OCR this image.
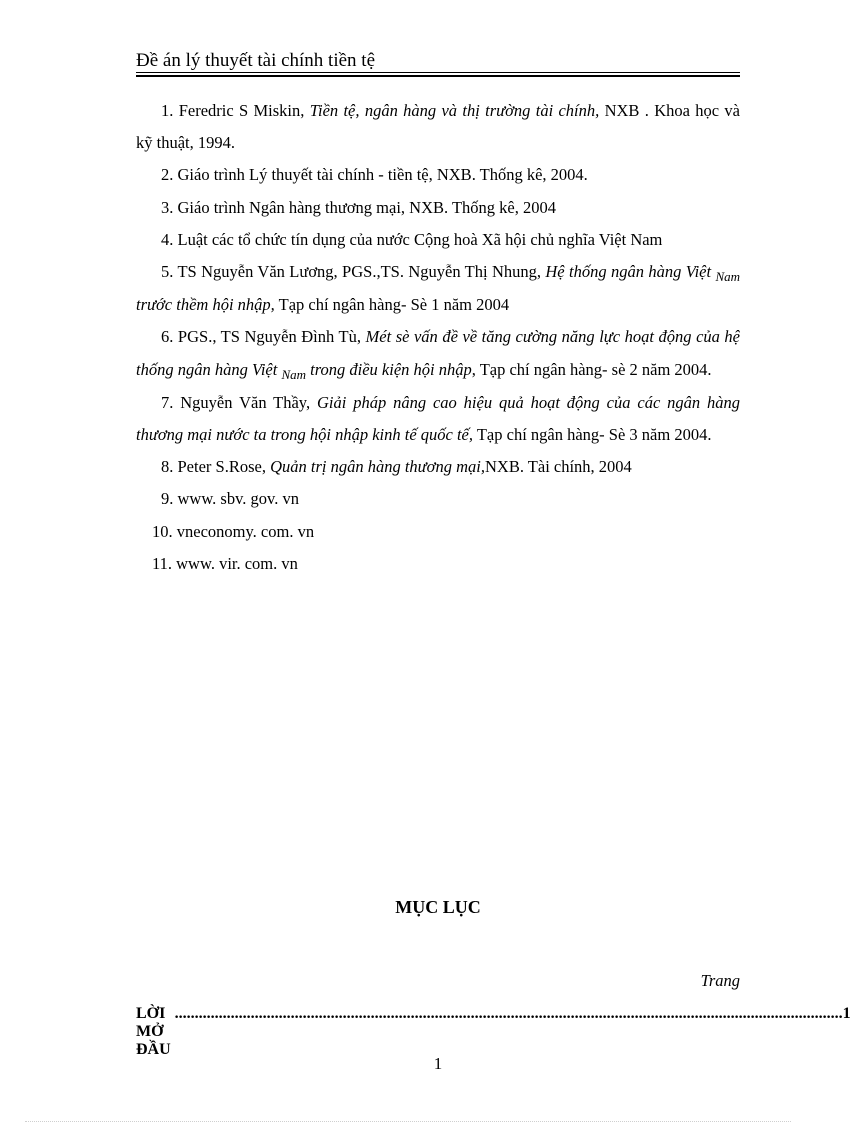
Đề án lý thuyết tài chính tiền tệ

1. Feredric S Miskin, Tiền tệ, ngân hàng và thị trường tài chính, NXB . Khoa học và kỹ thuật, 1994.

2. Giáo trình Lý thuyết tài chính - tiền tệ, NXB. Thống kê, 2004.

3. Giáo trình Ngân hàng thương mại, NXB. Thống kê, 2004

4. Luật các tổ chức tín dụng của nước Cộng hoà Xã hội chủ nghĩa Việt Nam

5. TS Nguyễn Văn Lương, PGS.,TS. Nguyễn Thị Nhung, Hệ thống ngân hàng Việt $_{Nam}$ trước thềm hội nhập, Tạp chí ngân hàng- Sè 1 năm 2004

6. PGS., TS Nguyễn Đình Tù, Mét sè vấn đề về tăng cường năng lực hoạt động của hệ thống ngân hàng Việt $_{Nam}$ trong điều kiện hội nhập, Tạp chí ngân hàng- sè 2 năm 2004.

7. Nguyễn Văn Thầy, Giải pháp nâng cao hiệu quả hoạt động của các ngân hàng thương mại nước ta trong hội nhập kinh tế quốc tế, Tạp chí ngân hàng- Sè 3 năm 2004.

8. Peter S.Rose, Quản trị ngân hàng thương mại,NXB. Tài chính, 2004

9. www. sbv. gov. vn

10. vneconomy. com. vn

11. www. vir. com. vn

MỤC LỤC
Trang
LỜI MỞ ĐẦU
....................................................................................................................................................................... 1
1
